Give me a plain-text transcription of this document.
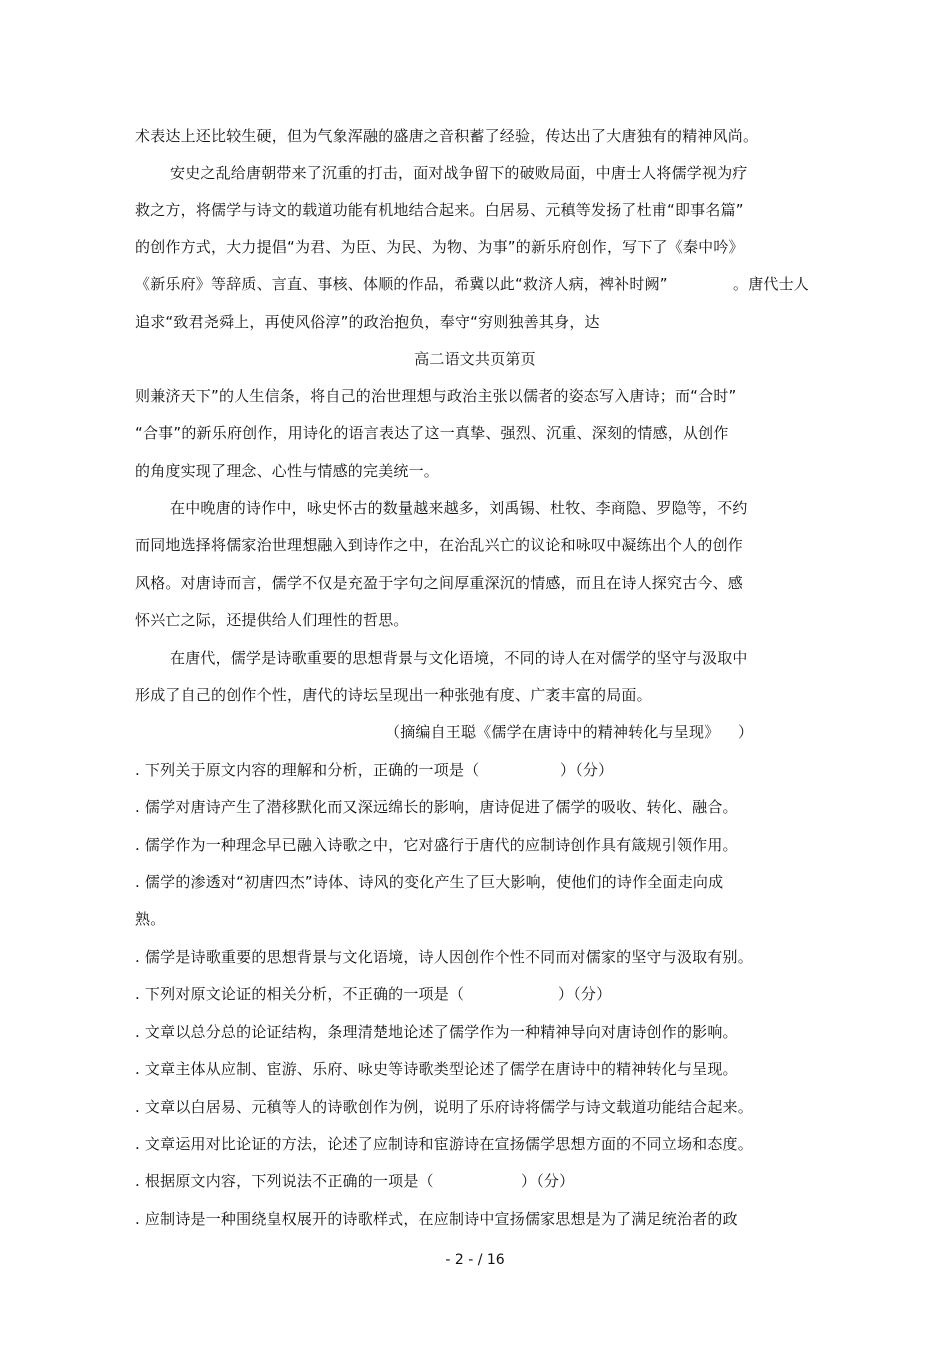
术表达上还比较生硬，但为气象浑融的盛唐之音积蓄了经验，传达出了大唐独有的精神风尚。
安史之乱给唐朝带来了沉重的打击，面对战争留下的破败局面，中唐士人将儒学视为疗
救之方，将儒学与诗文的载道功能有机地结合起来。白居易、元稹等发扬了杜甫“即事名篇”
的创作方式，大力提倡“为君、为臣、为民、为物、为事”的新乐府创作，写下了《秦中吟》
《新乐府》等辞质、言直、事核、体顺的作品，希冀以此“救济人病，裨补时阙”	。唐代士人
追求“致君尧舜上，再使风俗淳”的政治抱负，奉守“穷则独善其身，达
高二语文共页第页
则兼济天下”的人生信条，将自己的治世理想与政治主张以儒者的姿态写入唐诗；而“合时”
“合事”的新乐府创作，用诗化的语言表达了这一真挚、强烈、沉重、深刻的情感，从创作
的角度实现了理念、心性与情感的完美统一。
在中晚唐的诗作中，咏史怀古的数量越来越多，刘禹锡、杜牧、李商隐、罗隐等，不约
而同地选择将儒家治世理想融入到诗作之中，在治乱兴亡的议论和咏叹中凝练出个人的创作
风格。对唐诗而言，儒学不仅是充盈于字句之间厚重深沉的情感，而且在诗人探究古今、感
怀兴亡之际，还提供给人们理性的哲思。
在唐代，儒学是诗歌重要的思想背景与文化语境，不同的诗人在对儒学的坚守与汲取中
形成了自己的创作个性，唐代的诗坛呈现出一种张弛有度、广袤丰富的局面。
（摘编自王聪《儒学在唐诗中的精神转化与呈现》 ）
. 下列关于原文内容的理解和分析，正确的一项是（	）（分）
. 儒学对唐诗产生了潜移默化而又深远绵长的影响，唐诗促进了儒学的吸收、转化、融合。
. 儒学作为一种理念早已融入诗歌之中，它对盛行于唐代的应制诗创作具有箴规引领作用。
. 儒学的渗透对“初唐四杰”诗体、诗风的变化产生了巨大影响，使他们的诗作全面走向成
熟。
. 儒学是诗歌重要的思想背景与文化语境，诗人因创作个性不同而对儒家的坚守与汲取有别。
. 下列对原文论证的相关分析，不正确的一项是（	）（分）
. 文章以总分总的论证结构，条理清楚地论述了儒学作为一种精神导向对唐诗创作的影响。
. 文章主体从应制、宦游、乐府、咏史等诗歌类型论述了儒学在唐诗中的精神转化与呈现。
. 文章以白居易、元稹等人的诗歌创作为例，说明了乐府诗将儒学与诗文载道功能结合起来。
. 文章运用对比论证的方法，论述了应制诗和宦游诗在宣扬儒学思想方面的不同立场和态度。
. 根据原文内容，下列说法不正确的一项是（	）（分）
. 应制诗是一种围绕皇权展开的诗歌样式，在应制诗中宣扬儒家思想是为了满足统治者的政
- 2 - / 16
